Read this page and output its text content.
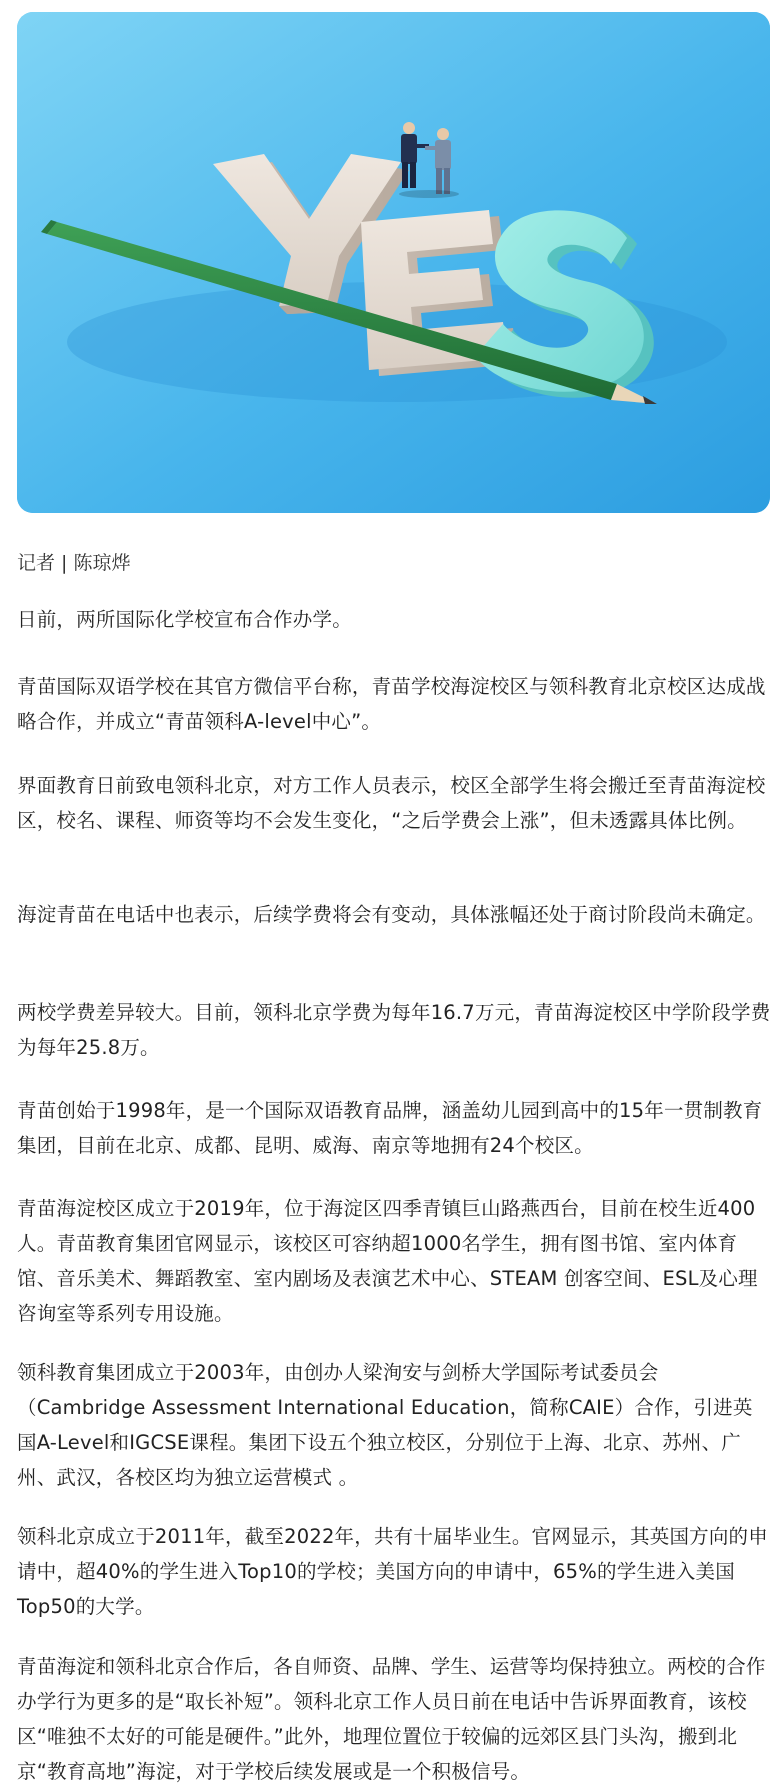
记者 | 陈琼烨

日前，两所国际化学校宣布合作办学。

青苗国际双语学校在其官方微信平台称，青苗学校海淀校区与领科教育北京校区达成战略合作，并成立“青苗领科A-level中心”。

界面教育日前致电领科北京，对方工作人员表示，校区全部学生将会搬迁至青苗海淀校区，校名、课程、师资等均不会发生变化，“之后学费会上涨”，但未透露具体比例。

海淀青苗在电话中也表示，后续学费将会有变动，具体涨幅还处于商讨阶段尚未确定。

两校学费差异较大。目前，领科北京学费为每年16.7万元，青苗海淀校区中学阶段学费为每年25.8万。

青苗创始于1998年，是一个国际双语教育品牌，涵盖幼儿园到高中的15年一贯制教育集团，目前在北京、成都、昆明、威海、南京等地拥有24个校区。

青苗海淀校区成立于2019年，位于海淀区四季青镇巨山路燕西台，目前在校生近400人。青苗教育集团官网显示，该校区可容纳超1000名学生，拥有图书馆、室内体育馆、音乐美术、舞蹈教室、室内剧场及表演艺术中心、STEAM 创客空间、ESL及心理咨询室等系列专用设施。

领科教育集团成立于2003年，由创办人梁洵安与剑桥大学国际考试委员会（Cambridge Assessment International Education，简称CAIE）合作，引进英国A-Level和IGCSE课程。集团下设五个独立校区，分别位于上海、北京、苏州、广州、武汉，各校区均为独立运营模式 。

领科北京成立于2011年，截至2022年，共有十届毕业生。官网显示，其英国方向的申请中，超40%的学生进入Top10的学校；美国方向的申请中，65%的学生进入美国Top50的大学。

青苗海淀和领科北京合作后，各自师资、品牌、学生、运营等均保持独立。两校的合作办学行为更多的是“取长补短”。领科北京工作人员日前在电话中告诉界面教育，该校区“唯独不太好的可能是硬件。”此外，地理位置位于较偏的远郊区县门头沟，搬到北京“教育高地”海淀，对于学校后续发展或是一个积极信号。
